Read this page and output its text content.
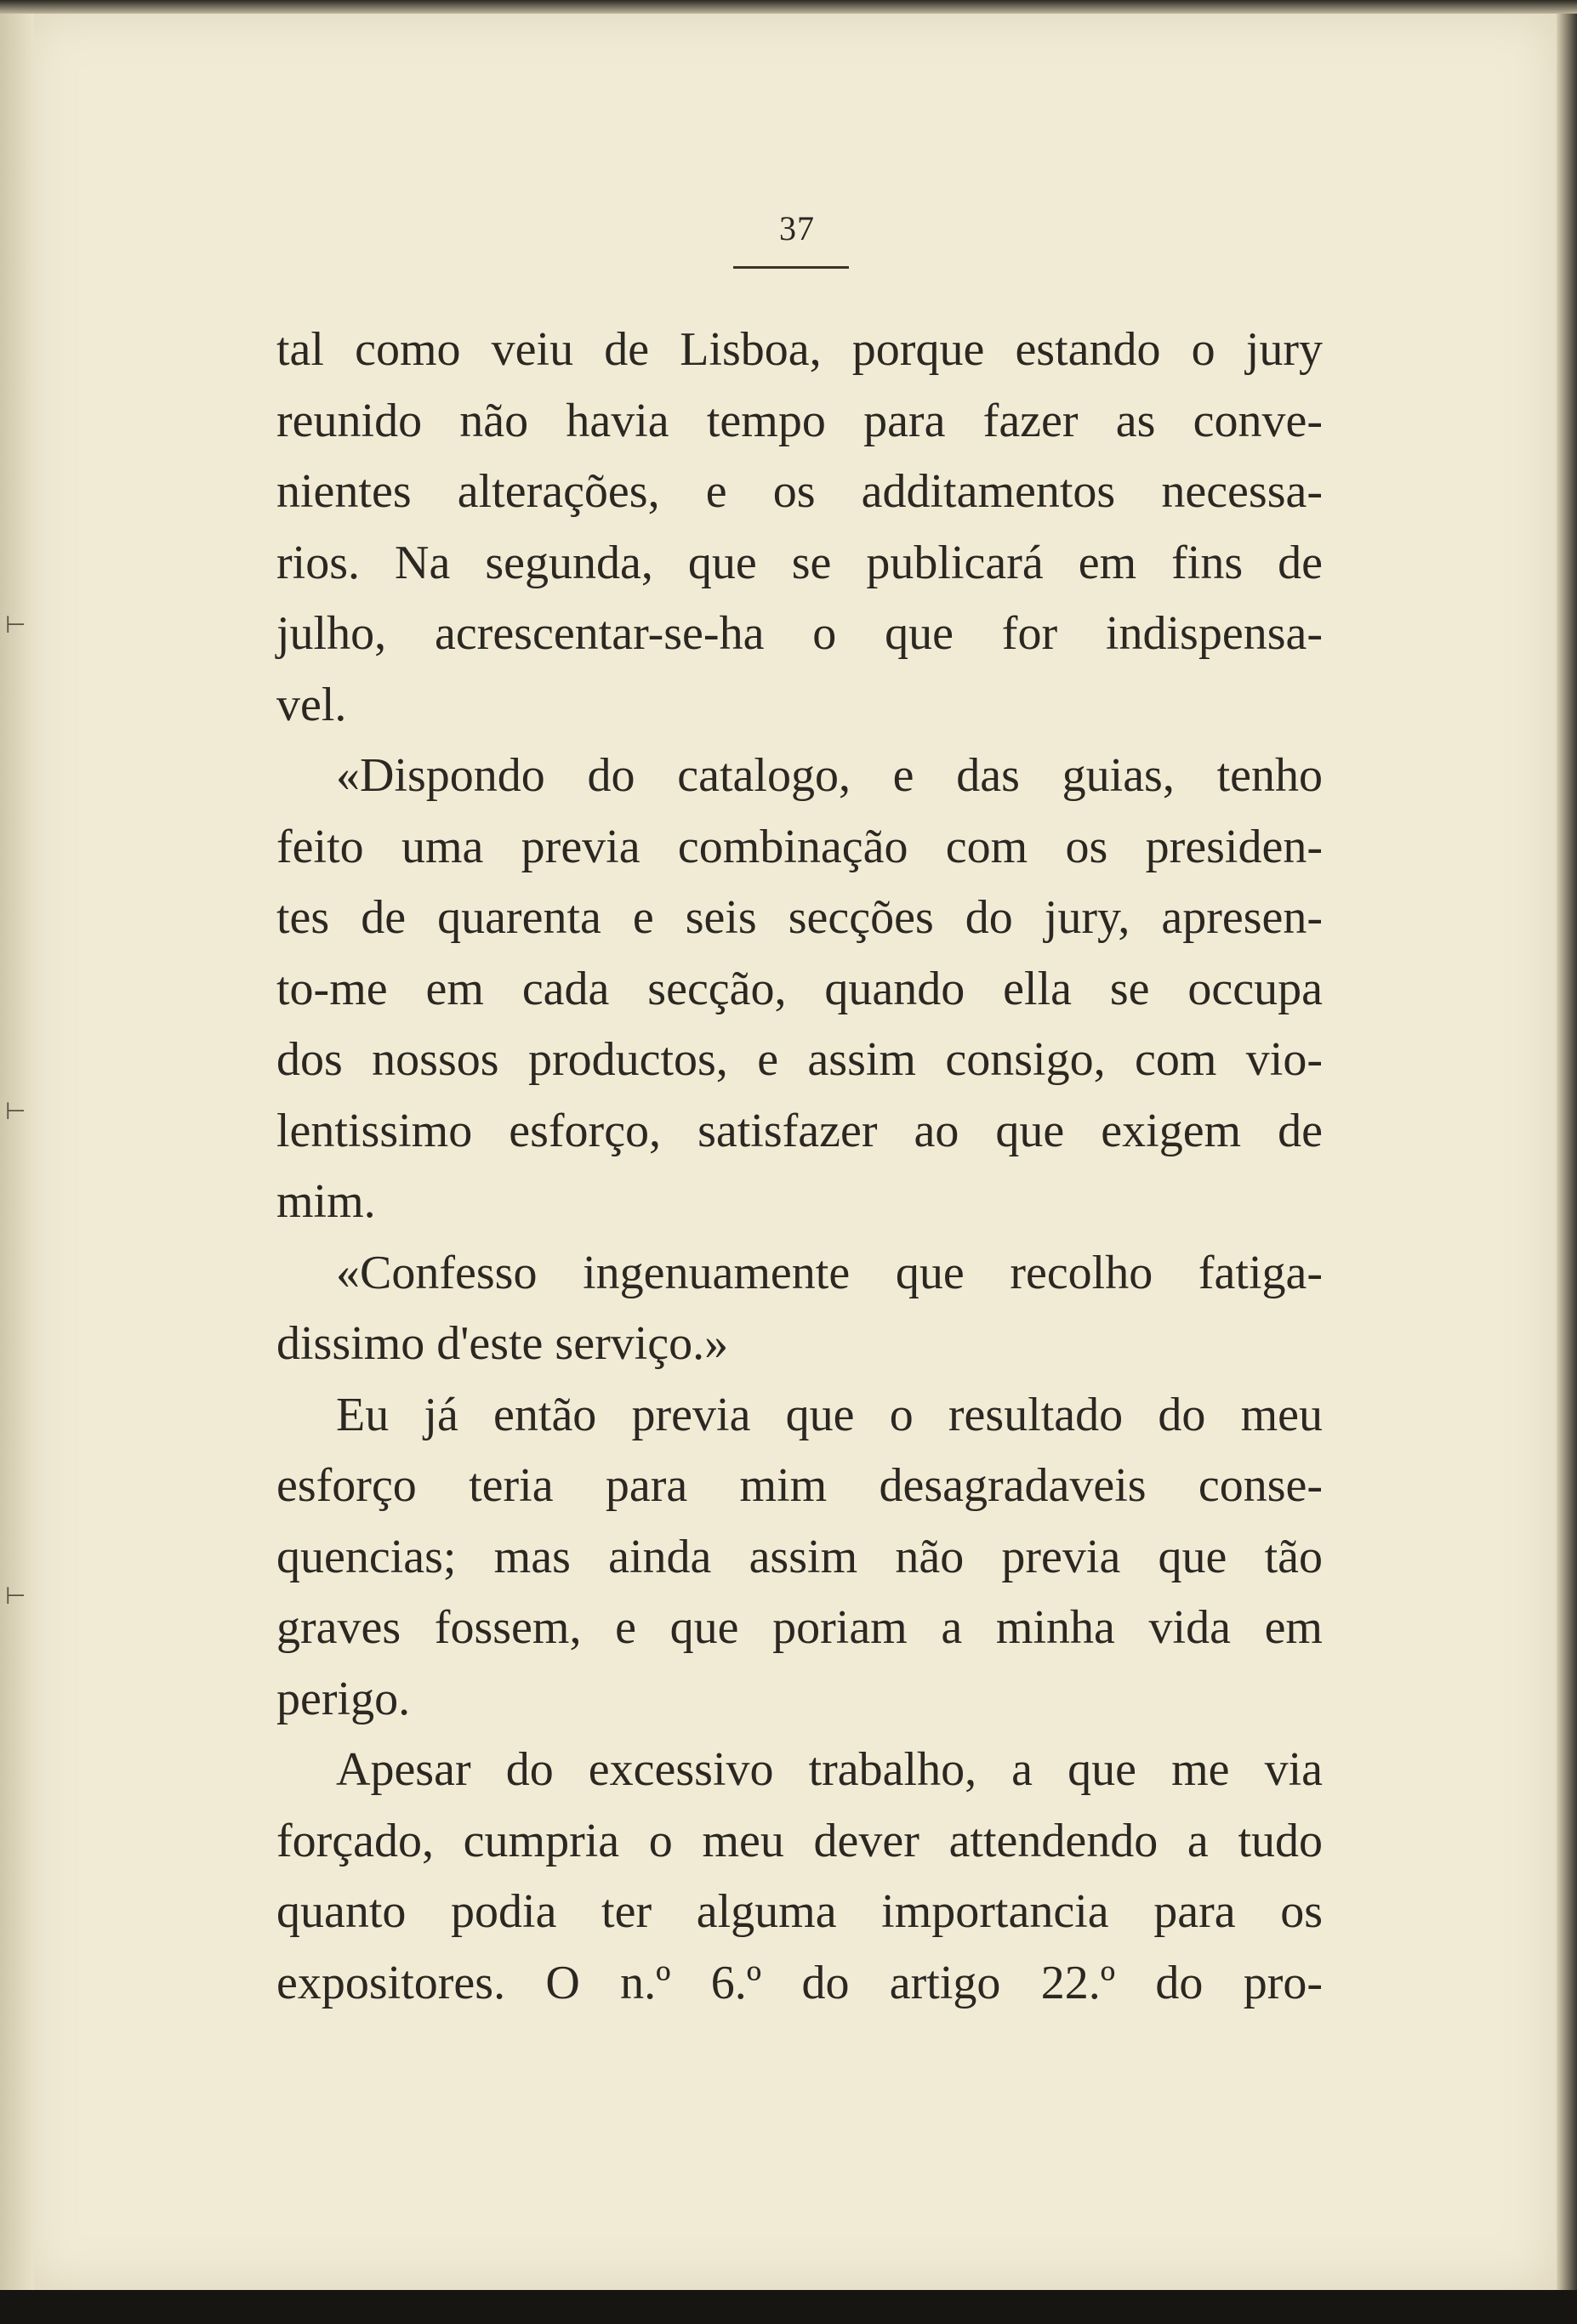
⊢
⊢
⊢
37
tal como veiu de Lisboa, porque estando o jury
reunido não havia tempo para fazer as conve-
nientes alterações, e os additamentos necessa-
rios. Na segunda, que se publicará em fins de
julho, acrescentar-se-ha o que for indispensa-
vel.
«Dispondo do catalogo, e das guias, tenho
feito uma previa combinação com os presiden-
tes de quarenta e seis secções do jury, apresen-
to-me em cada secção, quando ella se occupa
dos nossos productos, e assim consigo, com vio-
lentissimo esforço, satisfazer ao que exigem de
mim.
«Confesso ingenuamente que recolho fatiga-
dissimo d'este serviço.»
Eu já então previa que o resultado do meu
esforço teria para mim desagradaveis conse-
quencias; mas ainda assim não previa que tão
graves fossem, e que poriam a minha vida em
perigo.
Apesar do excessivo trabalho, a que me via
forçado, cumpria o meu dever attendendo a tudo
quanto podia ter alguma importancia para os
expositores. O n.º 6.º do artigo 22.º do pro-
